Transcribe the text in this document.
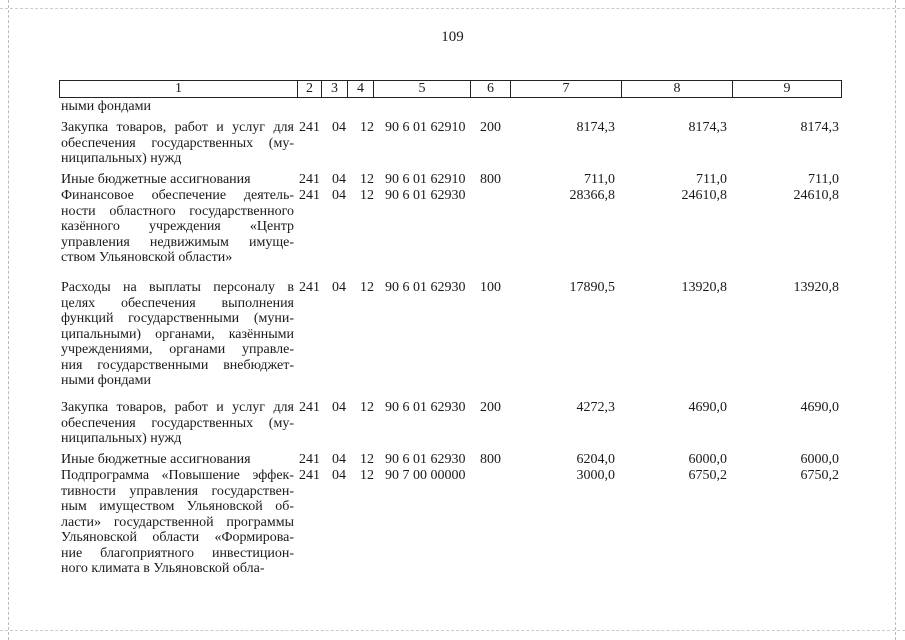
109
1	2	3	4	5	6	7	8	9
ными фондами
Закупка товаров, работ и услуг для
обеспечения государственных (му-
ниципальных) нужд
241 04 12 90 6 01 62910 200	8174,3	8174,3	8174,3
Иные бюджетные ассигнования	241 04 12 90 6 01 62910 800	711,0	711,0	711,0
Финансовое обеспечение деятель-
ности областного государственного
казённого учреждения «Центр
управления недвижимым имуще-
ством Ульяновской области»
241 04 12 90 6 01 62930	28366,8	24610,8	24610,8
Расходы на выплаты персоналу в
целях обеспечения выполнения
функций государственными (муни-
ципальными) органами, казёнными
учреждениями, органами управле-
ния государственными внебюджет-
ными фондами
241 04 12 90 6 01 62930 100	17890,5	13920,8	13920,8
Закупка товаров, работ и услуг для
обеспечения государственных (му-
ниципальных) нужд
241 04 12 90 6 01 62930 200	4272,3	4690,0	4690,0
Иные бюджетные ассигнования	241 04 12 90 6 01 62930 800	6204,0	6000,0	6000,0
Подпрограмма «Повышение эффек-
тивности управления государствен-
ным имуществом Ульяновской об-
ласти» государственной программы
Ульяновской области «Формирова-
ние благоприятного инвестицион-
ного климата в Ульяновской обла-
241 04 12 90 7 00 00000	3000,0	6750,2	6750,2
